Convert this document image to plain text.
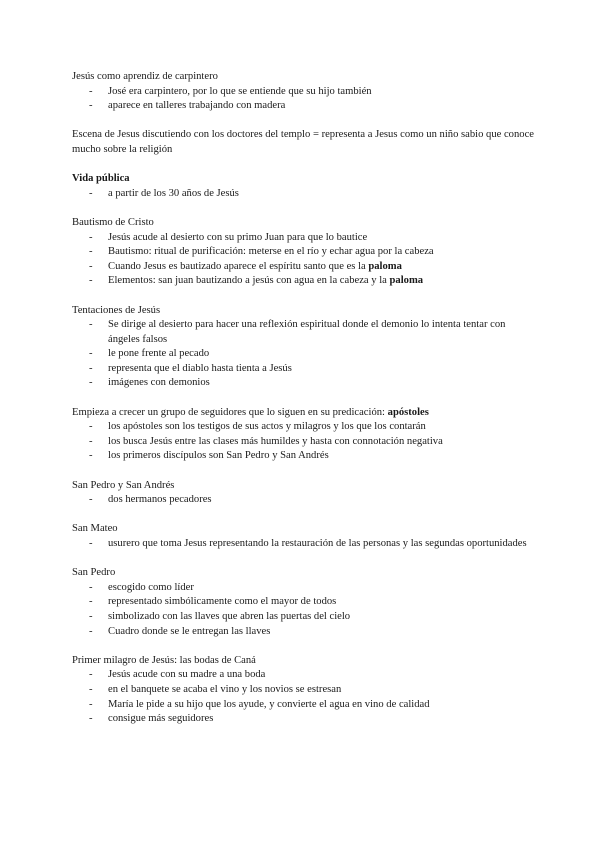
Jesús como aprendiz de carpintero

- José era carpintero, por lo que se entiende que su hijo también
- aparece en talleres trabajando con madera

Escena de Jesus discutiendo con los doctores del templo = representa a Jesus como un niño sabio que conoce mucho sobre la religión

Vida pública

- a partir de los 30 años de Jesús

Bautismo de Cristo

- Jesús acude al desierto con su primo Juan para que lo bautice
- Bautismo: ritual de purificación: meterse en el río y echar agua por la cabeza
- Cuando Jesus es bautizado aparece el espíritu santo que es la paloma
- Elementos: san juan bautizando a jesús con agua en la cabeza y la paloma

Tentaciones de Jesús

- Se dirige al desierto para hacer una reflexión espiritual donde el demonio lo intenta tentar con ángeles falsos
- le pone frente al pecado
- representa que el diablo hasta tienta a Jesús
- imágenes con demonios

Empieza a crecer un grupo de seguidores que lo siguen en su predicación: apóstoles

- los apóstoles son los testigos de sus actos y milagros y los que los contarán
- los busca Jesús entre las clases más humildes y hasta con connotación negativa
- los primeros discípulos son San Pedro y San Andrés

San Pedro y San Andrés

- dos hermanos pecadores

San Mateo

- usurero que toma Jesus representando la restauración de las personas y las segundas oportunidades

San Pedro

- escogido como líder
- representado simbólicamente como el mayor de todos
- simbolizado con las llaves que abren las puertas del cielo
- Cuadro donde se le entregan las llaves

Primer milagro de Jesús: las bodas de Caná

- Jesús acude con su madre a una boda
- en el banquete se acaba el vino y los novios se estresan
- María le pide a su hijo que los ayude, y convierte el agua en vino de calidad
- consigue más seguidores
